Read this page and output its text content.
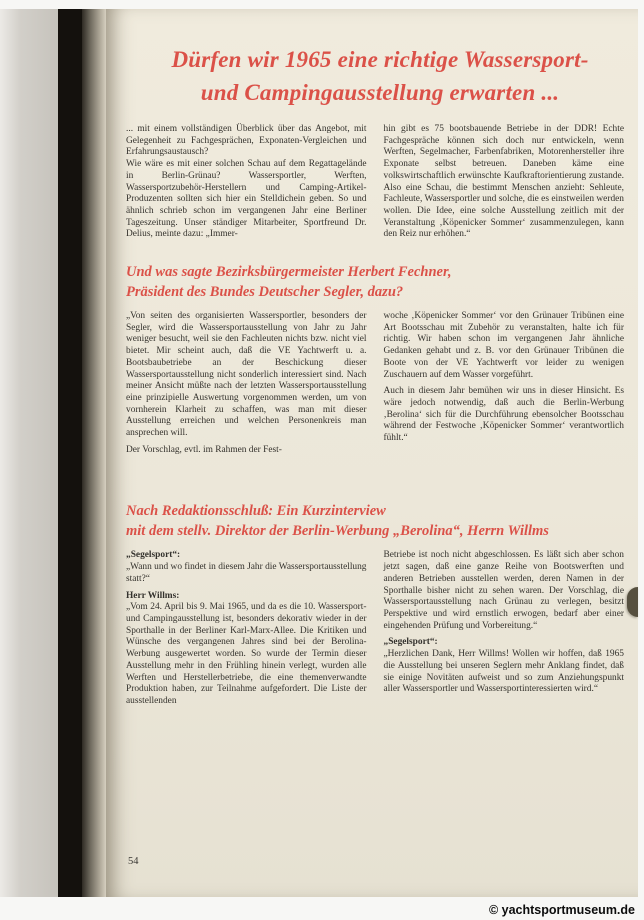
Dürfen wir 1965 eine richtige Wassersport-
und Campingausstellung erwarten ...

... mit einem vollständigen Überblick über das Angebot, mit Gelegenheit zu Fachgesprächen, Exponaten-Vergleichen und Erfahrungsaustausch?

Wie wäre es mit einer solchen Schau auf dem Regattagelände in Berlin-Grünau? Wassersportler, Werften, Wassersportzubehör-Herstellern und Camping-Artikel-Produzenten sollten sich hier ein Stelldichein geben. So und ähnlich schrieb schon im vergangenen Jahr eine Berliner Tageszeitung. Unser ständiger Mitarbeiter, Sportfreund Dr. Delius, meinte dazu: „Immer-

hin gibt es 75 bootsbauende Betriebe in der DDR! Echte Fachgespräche können sich doch nur entwickeln, wenn Werften, Segelmacher, Farbenfabriken, Motorenhersteller ihre Exponate selbst betreuen. Daneben käme eine volkswirtschaftlich erwünschte Kaufkraftorientierung zustande. Also eine Schau, die bestimmt Menschen anzieht: Sehleute, Fachleute, Wassersportler und solche, die es einstweilen werden wollen. Die Idee, eine solche Ausstellung zeitlich mit der Veranstaltung ‚Köpenicker Sommer‘ zusammenzulegen, kann den Reiz nur erhöhen.“

Und was sagte Bezirksbürgermeister Herbert Fechner,
Präsident des Bundes Deutscher Segler, dazu?

„Von seiten des organisierten Wassersportler, besonders der Segler, wird die Wassersportausstellung von Jahr zu Jahr weniger besucht, weil sie den Fachleuten nichts bzw. nicht viel bietet. Mir scheint auch, daß die VE Yachtwerft u. a. Bootsbaubetriebe an der Beschickung dieser Wassersportausstellung nicht sonderlich interessiert sind. Nach meiner Ansicht müßte nach der letzten Wassersportausstellung eine prinzipielle Auswertung vorgenommen werden, um von vornherein Klarheit zu schaffen, was man mit dieser Ausstellung erreichen und welchen Personenkreis man ansprechen will.

Der Vorschlag, evtl. im Rahmen der Fest-

woche ‚Köpenicker Sommer‘ vor den Grünauer Tribünen eine Art Bootsschau mit Zubehör zu veranstalten, halte ich für richtig. Wir haben schon im vergangenen Jahr ähnliche Gedanken gehabt und z. B. vor den Grünauer Tribünen die Boote von der VE Yachtwerft vor leider zu wenigen Zuschauern auf dem Wasser vorgeführt.

Auch in diesem Jahr bemühen wir uns in dieser Hinsicht. Es wäre jedoch notwendig, daß auch die Berlin-Werbung ‚Berolina‘ sich für die Durchführung ebensolcher Bootsschau während der Festwoche ‚Köpenicker Sommer‘ verantwortlich fühlt.“

Nach Redaktionsschluß: Ein Kurzinterview
mit dem stellv. Direktor der Berlin-Werbung „Berolina“, Herrn Willms

„Segelsport“:

„Wann und wo findet in diesem Jahr die Wassersportausstellung statt?“

Herr Willms:

„Vom 24. April bis 9. Mai 1965, und da es die 10. Wassersport- und Campingausstellung ist, besonders dekorativ wieder in der Sporthalle in der Berliner Karl-Marx-Allee. Die Kritiken und Wünsche des vergangenen Jahres sind bei der Berolina-Werbung ausgewertet worden. So wurde der Termin dieser Ausstellung mehr in den Frühling hinein verlegt, wurden alle Werften und Herstellerbetriebe, die eine themenverwandte Produktion haben, zur Teilnahme aufgefordert. Die Liste der ausstellenden

Betriebe ist noch nicht abgeschlossen. Es läßt sich aber schon jetzt sagen, daß eine ganze Reihe von Bootswerften und anderen Betrieben ausstellen werden, deren Namen in der Sporthalle bisher nicht zu sehen waren. Der Vorschlag, die Wassersportausstellung nach Grünau zu verlegen, besitzt Perspektive und wird ernstlich erwogen, bedarf aber einer eingehenden Prüfung und Vorbereitung.“

„Segelsport“:

„Herzlichen Dank, Herr Willms! Wollen wir hoffen, daß 1965 die Ausstellung bei unseren Seglern mehr Anklang findet, daß sie einige Novitäten aufweist und so zum Anziehungspunkt aller Wassersportler und Wassersportinteressierten wird.“

54
© yachtsportmuseum.de
